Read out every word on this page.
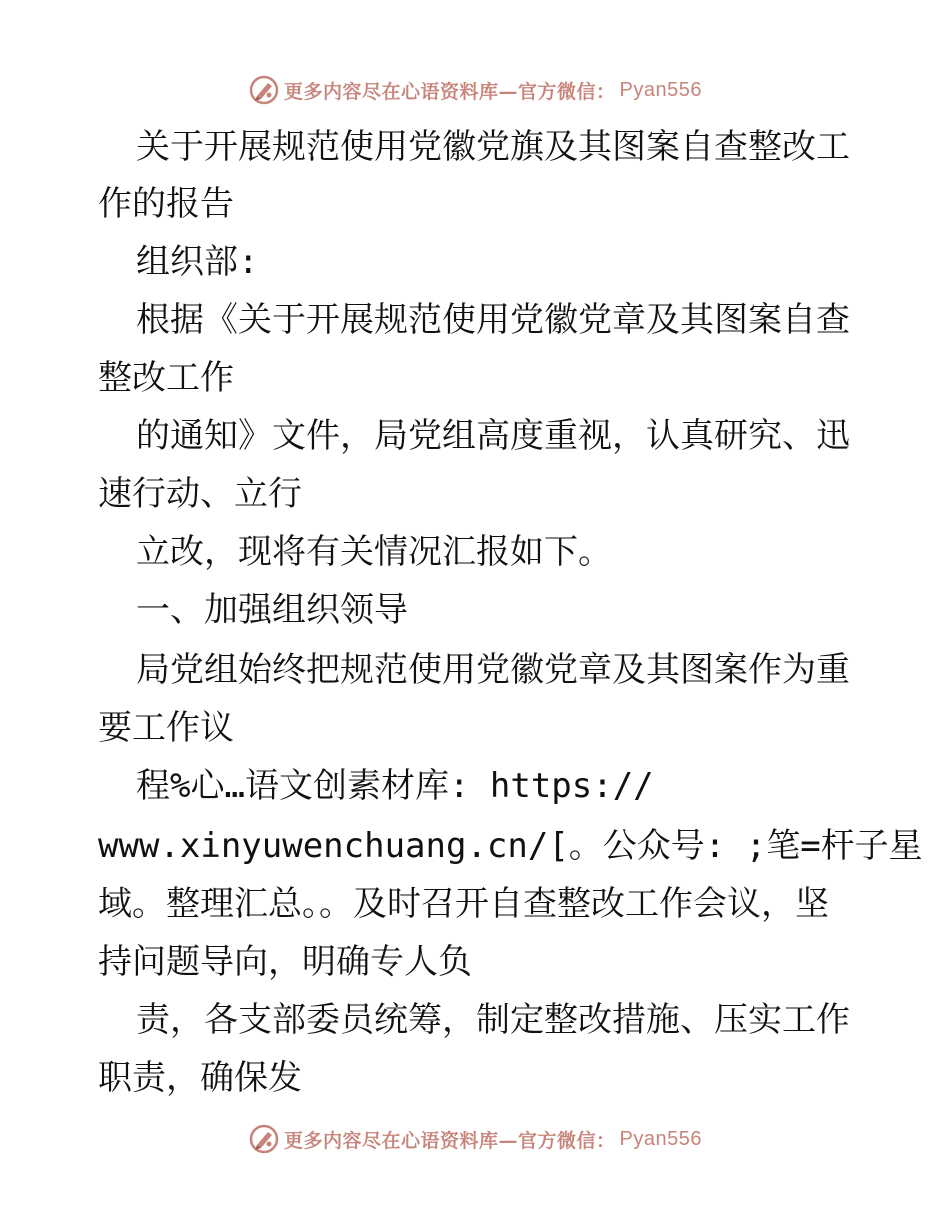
更多内容尽在心语资料库—官方微信： Pyan556
关于开展规范使用党徽党旗及其图案自查整改工
作的报告
组织部:
根据《关于开展规范使用党徽党章及其图案自查
整改工作
的通知》文件，局党组高度重视，认真研究、迅
速行动、立行
立改，现将有关情况汇报如下。
一、加强组织领导
局党组始终把规范使用党徽党章及其图案作为重
要工作议
程%心…语文创素材库: https://
www.xinyuwenchuang.cn/[。公众号: ;笔=杆子星
域。整理汇总。。及时召开自查整改工作会议，坚
持问题导向，明确专人负
责，各支部委员统筹，制定整改措施、压实工作
职责，确保发
更多内容尽在心语资料库—官方微信： Pyan556
